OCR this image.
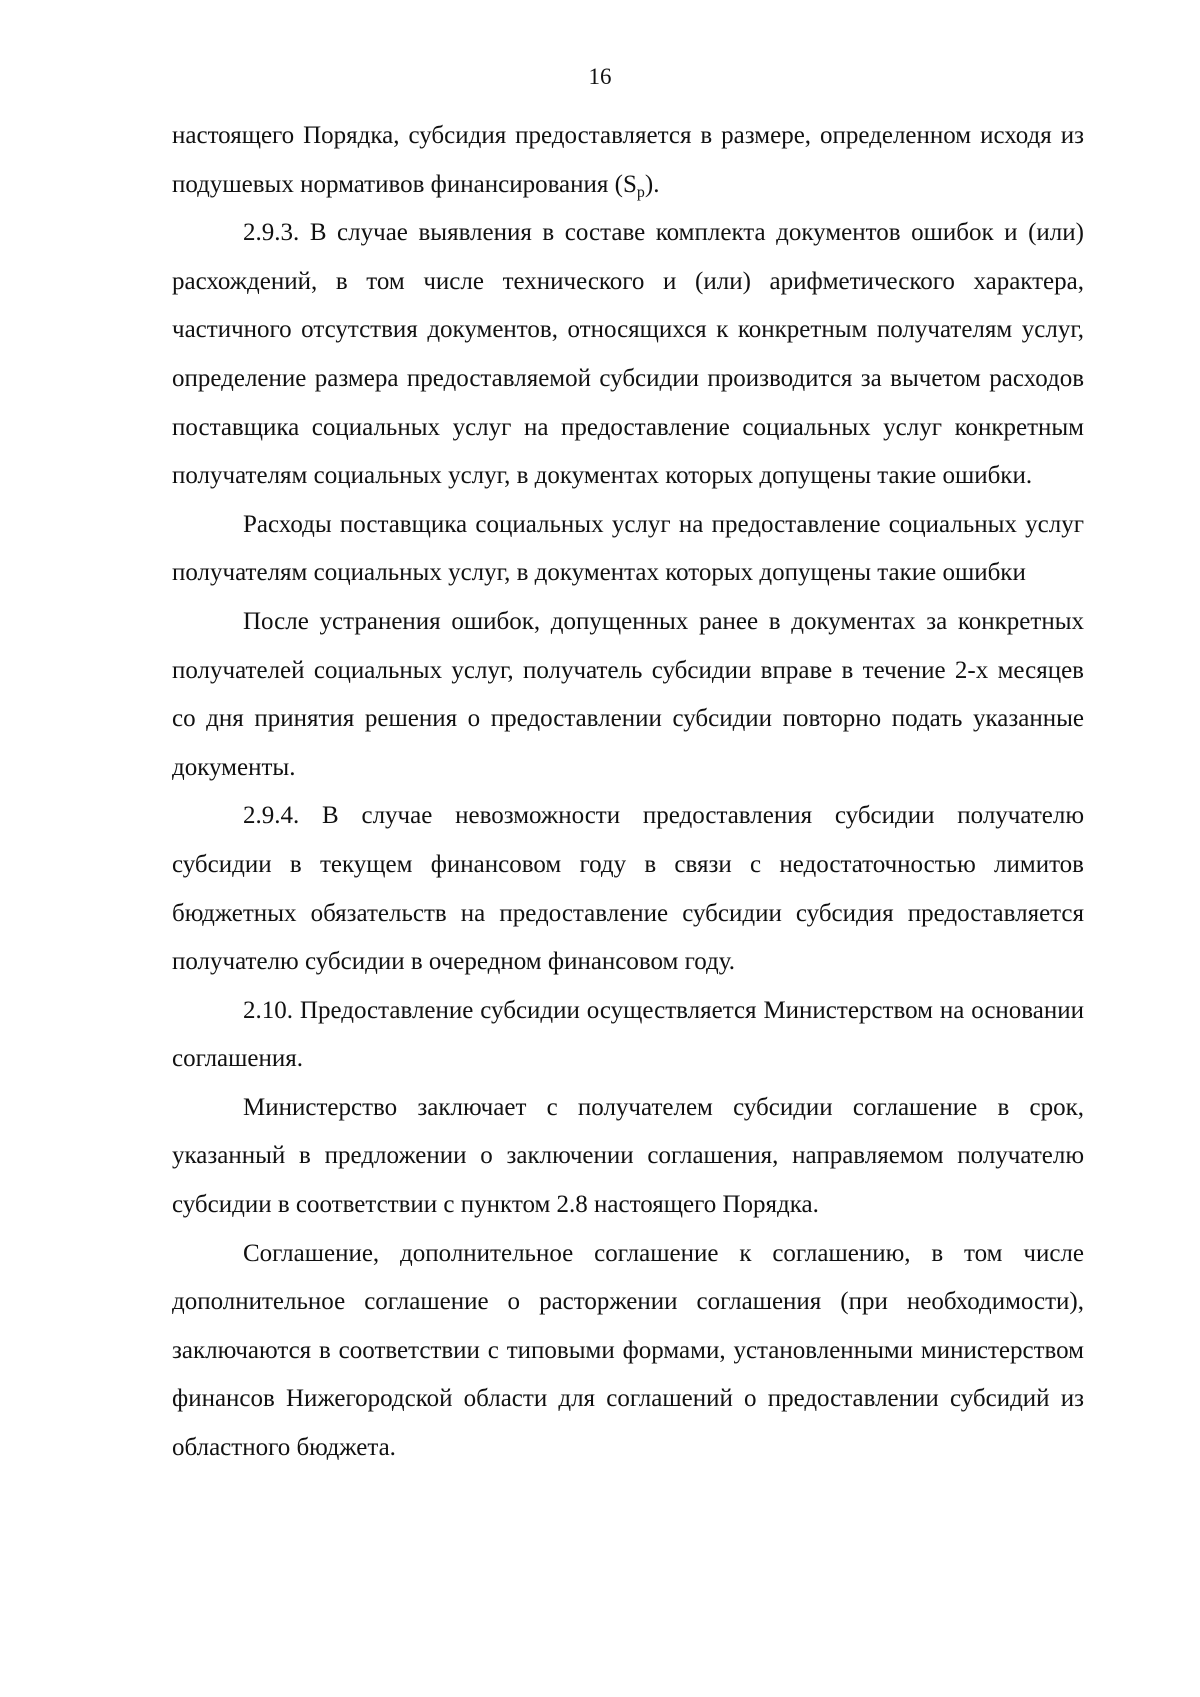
16

настоящего Порядка, субсидия предоставляется в размере, определенном исходя из подушевых нормативов финансирования $(S_р)$.

2.9.3. В случае выявления в составе комплекта документов ошибок и (или) расхождений, в том числе технического и (или) арифметического характера, частичного отсутствия документов, относящихся к конкретным получателям услуг, определение размера предоставляемой субсидии производится за вычетом расходов поставщика социальных услуг на предоставление социальных услуг конкретным получателям социальных услуг, в документах которых допущены такие ошибки.

Расходы поставщика социальных услуг на предоставление социальных услуг получателям социальных услуг, в документах которых допущены такие ошибки

После устранения ошибок, допущенных ранее в документах за конкретных получателей социальных услуг, получатель субсидии вправе в течение 2-х месяцев со дня принятия решения о предоставлении субсидии повторно подать указанные документы.

2.9.4. В случае невозможности предоставления субсидии получателю субсидии в текущем финансовом году в связи с недостаточностью лимитов бюджетных обязательств на предоставление субсидии субсидия предоставляется получателю субсидии в очередном финансовом году.

2.10. Предоставление субсидии осуществляется Министерством на основании соглашения.

Министерство заключает с получателем субсидии соглашение в срок, указанный в предложении о заключении соглашения, направляемом получателю субсидии в соответствии с пунктом 2.8 настоящего Порядка.

Соглашение, дополнительное соглашение к соглашению, в том числе дополнительное соглашение о расторжении соглашения (при необходимости), заключаются в соответствии с типовыми формами, установленными министерством финансов Нижегородской области для соглашений о предоставлении субсидий из областного бюджета.
